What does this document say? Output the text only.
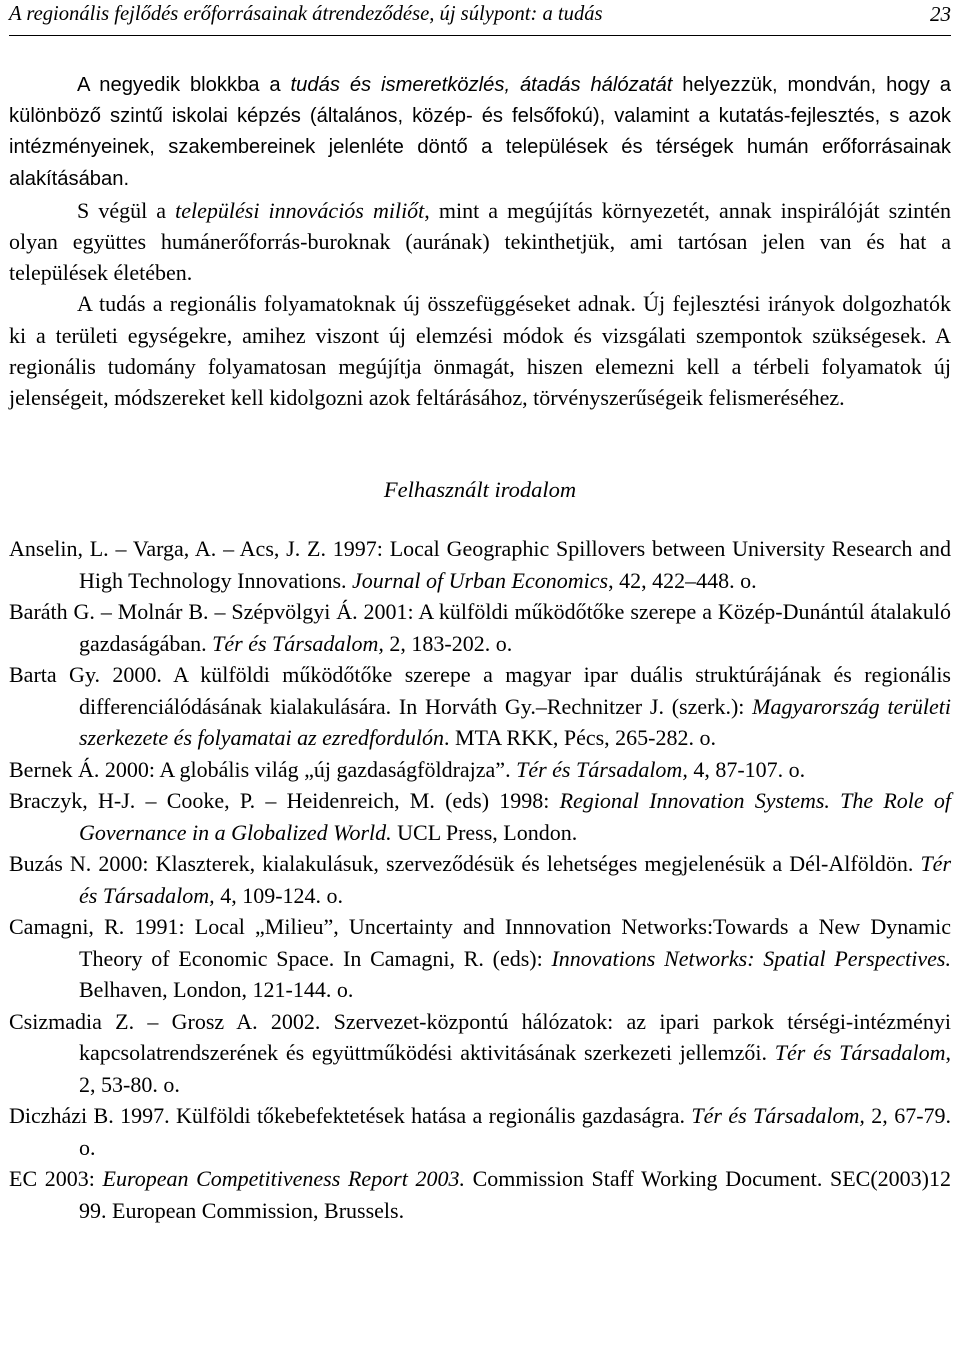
A regionális fejlődés erőforrásainak átrendeződése, új súlypont: a tudás	23

A negyedik blokkba a tudás és ismeretközlés, átadás hálózatát helyezzük, mondván, hogy a különböző szintű iskolai képzés (általános, közép- és felsőfokú), valamint a kutatás-fejlesztés, s azok intézményeinek, szakembereinek jelenléte döntő a települések és térségek humán erőforrásainak alakításában.

S végül a települési innovációs miliőt, mint a megújítás környezetét, annak inspirálóját szintén olyan együttes humánerőforrás-buroknak (aurának) tekinthetjük, ami tartósan jelen van és hat a települések életében.

A tudás a regionális folyamatoknak új összefüggéseket adnak. Új fejlesztési irányok dolgozhatók ki a területi egységekre, amihez viszont új elemzési módok és vizsgálati szempontok szükségesek. A regionális tudomány folyamatosan megújítja önmagát, hiszen elemezni kell a térbeli folyamatok új jelenségeit, módszereket kell kidolgozni azok feltárásához, törvényszerűségeik felismeréséhez.

Felhasznált irodalom

Anselin, L. – Varga, A. – Acs, J. Z. 1997: Local Geographic Spillovers between University Research and High Technology Innovations. Journal of Urban Economics, 42, 422–448. o.

Baráth G. – Molnár B. – Szépvölgyi Á. 2001: A külföldi működőtőke szerepe a Közép-Dunántúl átalakuló gazdaságában. Tér és Társadalom, 2, 183-202. o.

Barta Gy. 2000. A külföldi működőtőke szerepe a magyar ipar duális struktúrájának és regionális differenciálódásának kialakulására. In Horváth Gy.–Rechnitzer J. (szerk.): Magyarország területi szerkezete és folyamatai az ezredfordulón. MTA RKK, Pécs, 265-282. o.

Bernek Á. 2000: A globális világ „új gazdaságföldrajza”. Tér és Társadalom, 4, 87-107. o.

Braczyk, H-J. – Cooke, P. – Heidenreich, M. (eds) 1998: Regional Innovation Systems. The Role of Governance in a Globalized World. UCL Press, London.

Buzás N. 2000: Klaszterek, kialakulásuk, szerveződésük és lehetséges megjelenésük a Dél-Alföldön. Tér és Társadalom, 4, 109-124. o.

Camagni, R. 1991: Local „Milieu”, Uncertainty and Innnovation Networks:Towards a New Dynamic Theory of Economic Space. In Camagni, R. (eds): Innovations Networks: Spatial Perspectives. Belhaven, London, 121-144. o.

Csizmadia Z. – Grosz A. 2002. Szervezet-központú hálózatok: az ipari parkok térségi-intézményi kapcsolatrendszerének és együttműködési aktivitásának szerkezeti jellemzői. Tér és Társadalom, 2, 53-80. o.

Diczházi B. 1997. Külföldi tőkebefektetések hatása a regionális gazdaságra. Tér és Társadalom, 2, 67-79. o.

EC 2003: European Competitiveness Report 2003. Commission Staff Working Document. SEC(2003)12 99. European Commission, Brussels.
